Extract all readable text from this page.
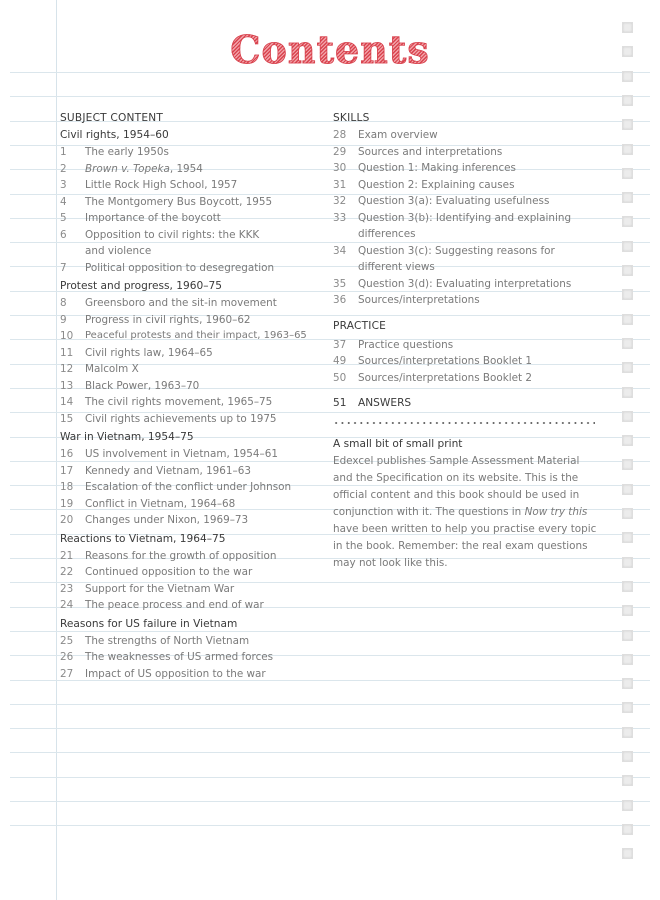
Contents
SUBJECT CONTENT
Civil rights, 1954–60
1	The early 1950s
2	Brown v. Topeka, 1954
3	Little Rock High School, 1957
4	The Montgomery Bus Boycott, 1955
5	Importance of the boycott
6	Opposition to civil rights: the KKK and violence
7	Political opposition to desegregation
Protest and progress, 1960–75
8	Greensboro and the sit-in movement
9	Progress in civil rights, 1960–62
10	Peaceful protests and their impact, 1963–65
11	Civil rights law, 1964–65
12	Malcolm X
13	Black Power, 1963–70
14	The civil rights movement, 1965–75
15	Civil rights achievements up to 1975
War in Vietnam, 1954–75
16	US involvement in Vietnam, 1954–61
17	Kennedy and Vietnam, 1961–63
18	Escalation of the conflict under Johnson
19	Conflict in Vietnam, 1964–68
20	Changes under Nixon, 1969–73
Reactions to Vietnam, 1964–75
21	Reasons for the growth of opposition
22	Continued opposition to the war
23	Support for the Vietnam War
24	The peace process and end of war
Reasons for US failure in Vietnam
25	The strengths of North Vietnam
26	The weaknesses of US armed forces
27	Impact of US opposition to the war
SKILLS
28	Exam overview
29	Sources and interpretations
30	Question 1: Making inferences
31	Question 2: Explaining causes
32	Question 3(a): Evaluating usefulness
33	Question 3(b): Identifying and explaining differences
34	Question 3(c): Suggesting reasons for different views
35	Question 3(d): Evaluating interpretations
36	Sources/interpretations
PRACTICE
37	Practice questions
49	Sources/interpretations Booklet 1
50	Sources/interpretations Booklet 2
51	ANSWERS
A small bit of small print
Edexcel publishes Sample Assessment Material and the Specification on its website. This is the official content and this book should be used in conjunction with it. The questions in Now try this have been written to help you practise every topic in the book. Remember: the real exam questions may not look like this.
